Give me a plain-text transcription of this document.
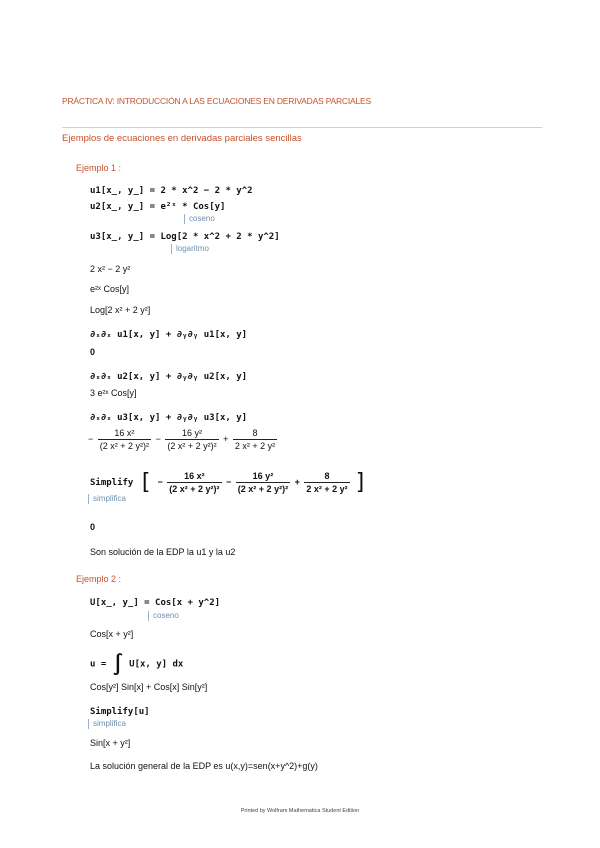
PRÁCTICA IV: INTRODUCCIÓN A LAS ECUACIONES EN DERIVADAS PARCIALES
Ejemplos de ecuaciones en derivadas parciales sencillas
Ejemplo 1 :
u1[x_, y_] = 2 * x^2 − 2 * y^2
u2[x_, y_] = e²ˣ * Cos[y]
coseno
u3[x_, y_] = Log[2 * x^2 + 2 * y^2]
logaritmo
2 x² − 2 y²
e²ˣ Cos[y]
Log[2 x² + 2 y²]
∂ₓ∂ₓ u1[x, y] + ∂ᵧ∂ᵧ u1[x, y]
0
∂ₓ∂ₓ u2[x, y] + ∂ᵧ∂ᵧ u2[x, y]
3 e²ˣ Cos[y]
∂ₓ∂ₓ u3[x, y] + ∂ᵧ∂ᵧ u3[x, y]
− $\frac{\text{16 x²}}{\text{(2 x² + 2 y²)²}} - \frac{\text{16 y²}}{\text{(2 x² + 2 y²)²}} + \frac{8}{\text{2 x² + 2 y²}}$
Simplify [ − $\frac{\text{16 x²}}{\text{(2 x² + 2 y²)²}} - \frac{\text{16 y²}}{\text{(2 x² + 2 y²)²}} + \frac{8}{\text{2 x² + 2 y²}}$ ]
simplifica
0
Son solución de la EDP la u1 y la u2
Ejemplo 2 :
U[x_, y_] = Cos[x + y^2]
coseno
Cos[x + y²]
u = ∫ U[x, y] dx
Cos[y²] Sin[x] + Cos[x] Sin[y²]
Simplify[u]
simplifica
Sin[x + y²]
La solución general de la EDP es u(x,y)=sen(x+y^2)+g(y)
Printed by Wolfram Mathematica Student Edition
